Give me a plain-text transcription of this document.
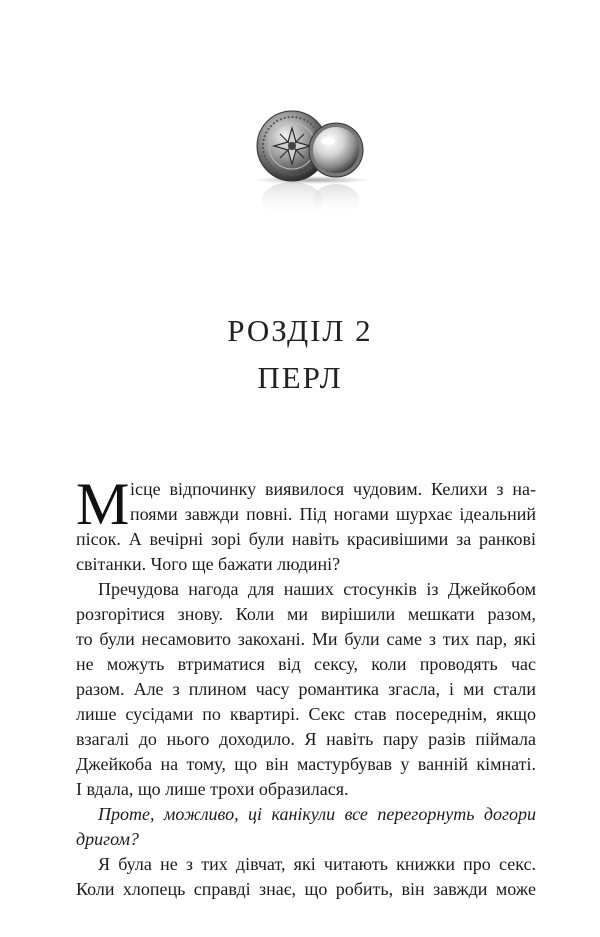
РОЗДІЛ 2
ПЕРЛ
М ісце відпочинку виявилося чудовим. Келихи з на-
поями завжди повні. Під ногами шурхає ідеальний
пісок. А вечірні зорі були навіть красивішими за ранкові
світанки. Чого ще бажати людині?
Пречудова нагода для наших стосунків із Джейкобом
розгорітися знову. Коли ми вирішили мешкати разом,
то були несамовито закохані. Ми були саме з тих пар, які
не можуть втриматися від сексу, коли проводять час
разом. Але з плином часу романтика згасла, і ми стали
лише сусідами по квартирі. Секс став посереднім, якщо
взагалі до нього доходило. Я навіть пару разів піймала
Джейкоба на тому, що він мастурбував у ванній кімнаті.
І вдала, що лише трохи образилася.
Проте, можливо, ці канікули все перегорнуть догори
дригом?
Я була не з тих дівчат, які читають книжки про секс.
Коли хлопець справді знає, що робить, він завжди може
